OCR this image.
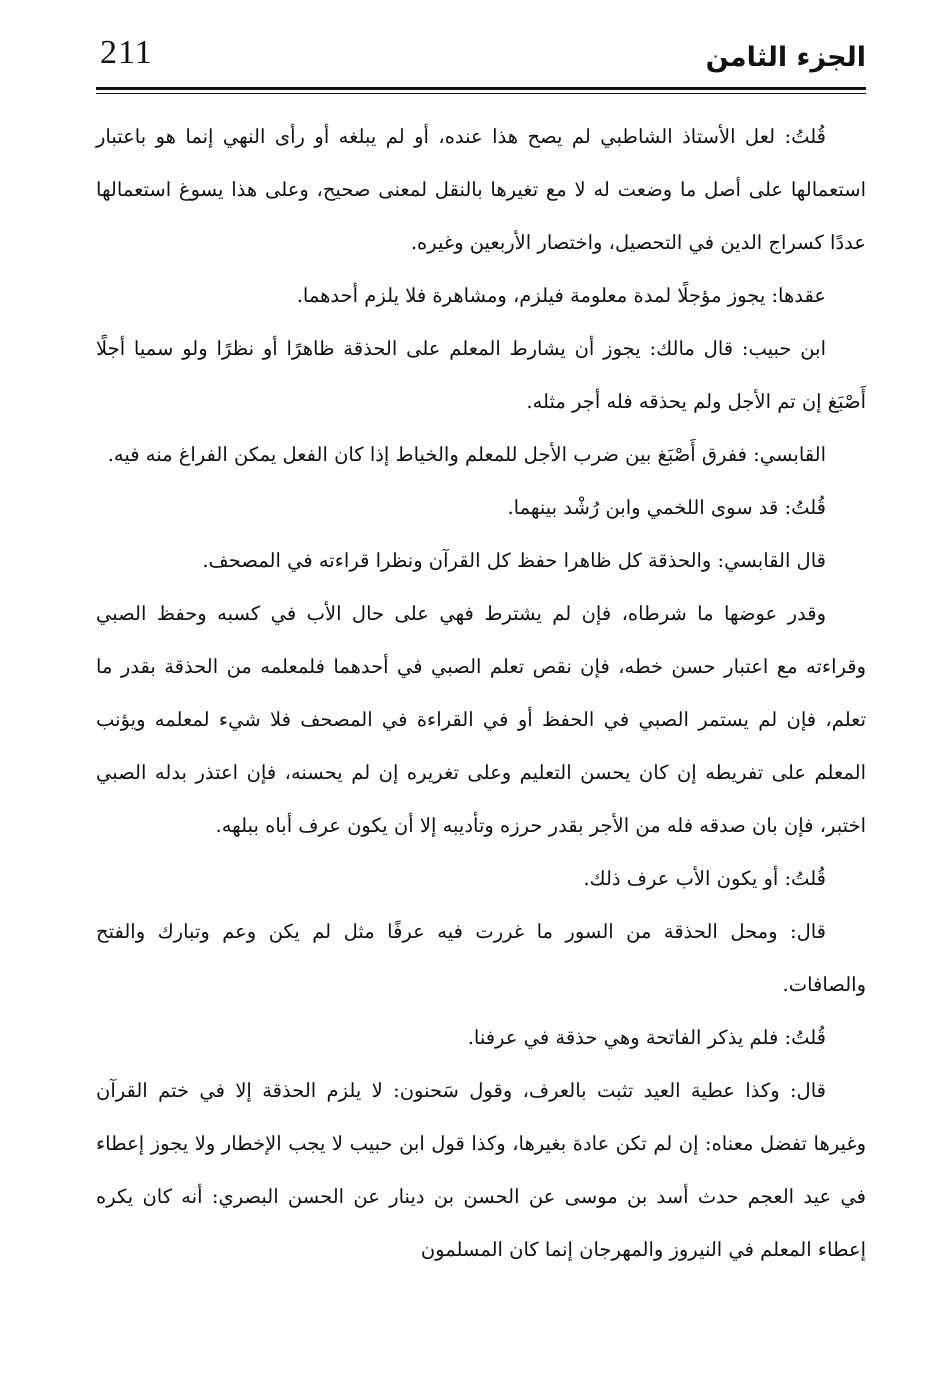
211	الجزء الثامن

قُلتُ: لعل الأستاذ الشاطبي لم يصح هذا عنده، أو لم يبلغه أو رأى النهي إنما هو باعتبار استعمالها على أصل ما وضعت له لا مع تغيرها بالنقل لمعنى صحيح، وعلى هذا يسوغ استعمالها عددًا كسراج الدين في التحصيل، واختصار الأربعين وغيره.

عقدها: يجوز مؤجلًا لمدة معلومة فيلزم، ومشاهرة فلا يلزم أحدهما.

ابن حبيب: قال مالك: يجوز أن يشارط المعلم على الحذقة ظاهرًا أو نظرًا ولو سميا أجلًا أَصْبَغ إن تم الأجل ولم يحذقه فله أجر مثله.

القابسي: ففرق أَصْبَغ بين ضرب الأجل للمعلم والخياط إذا كان الفعل يمكن الفراغ منه فيه.

قُلتُ: قد سوى اللخمي وابن رُشْد بينهما.

قال القابسي: والحذقة كل ظاهرا حفظ كل القرآن ونظرا قراءته في المصحف.

وقدر عوضها ما شرطاه، فإن لم يشترط فهي على حال الأب في كسبه وحفظ الصبي وقراءته مع اعتبار حسن خطه، فإن نقص تعلم الصبي في أحدهما فلمعلمه من الحذقة بقدر ما تعلم، فإن لم يستمر الصبي في الحفظ أو في القراءة في المصحف فلا شيء لمعلمه ويؤنب المعلم على تفريطه إن كان يحسن التعليم وعلى تغريره إن لم يحسنه، فإن اعتذر بدله الصبي اختبر، فإن بان صدقه فله من الأجر بقدر حرزه وتأديبه إلا أن يكون عرف أباه ببلهه.

قُلتُ: أو يكون الأب عرف ذلك.

قال: ومحل الحذقة من السور ما غررت فيه عرفًا مثل لم يكن وعم وتبارك والفتح والصافات.

قُلتُ: فلم يذكر الفاتحة وهي حذقة في عرفنا.

قال: وكذا عطية العيد تثبت بالعرف، وقول سَحنون: لا يلزم الحذقة إلا في ختم القرآن وغيرها تفضل معناه: إن لم تكن عادة بغيرها، وكذا قول ابن حبيب لا يجب الإخطار ولا يجوز إعطاء في عيد العجم حدث أسد بن موسى عن الحسن بن دينار عن الحسن البصري: أنه كان يكره إعطاء المعلم في النيروز والمهرجان إنما كان المسلمون
